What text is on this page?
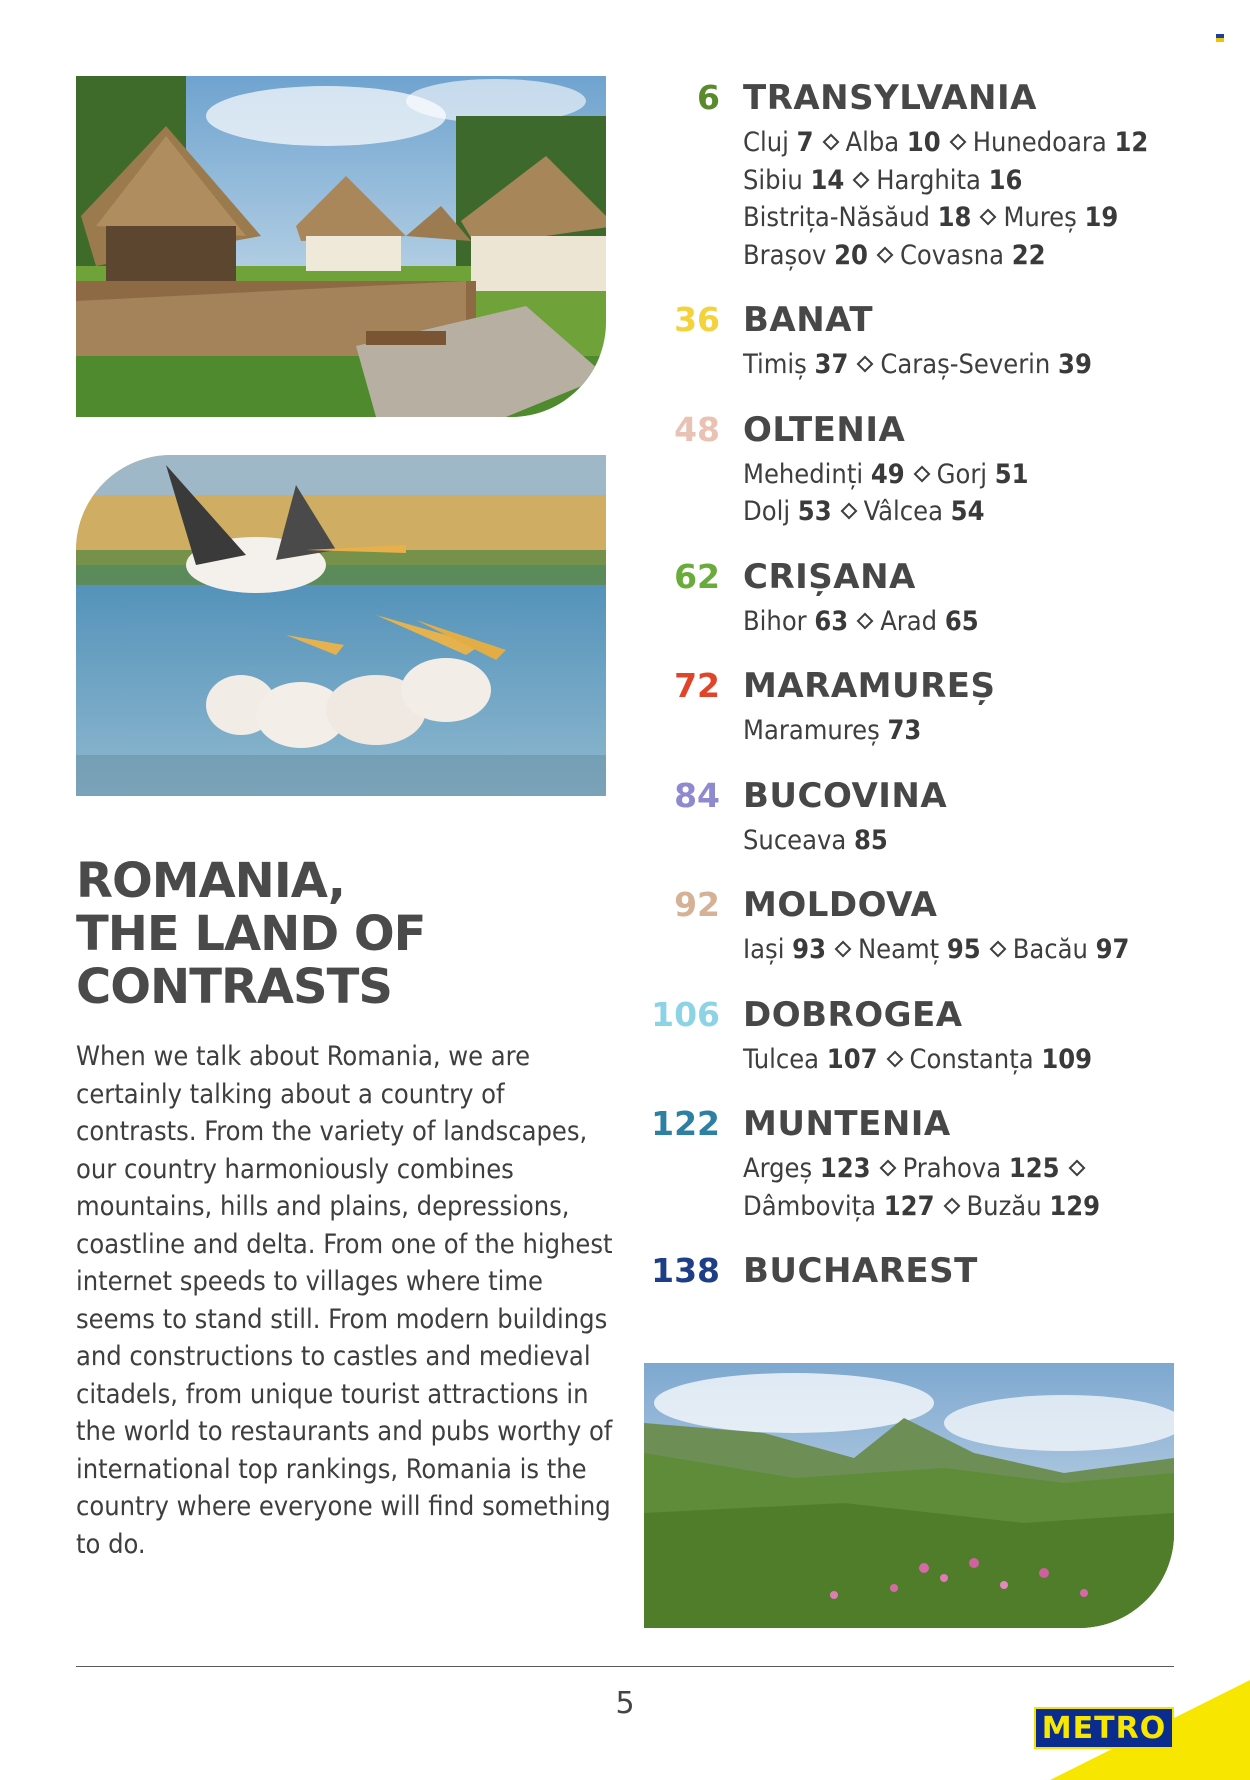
ROMANIA,
THE LAND OF
CONTRASTS

When we talk about Romania, we are certainly talking about a country of contrasts. From the variety of landscapes, our country harmoniously combines mountains, hills and plains, depressions, coastline and delta. From one of the highest internet speeds to villages where time seems to stand still. From modern buildings and constructions to castles and medieval citadels, from unique tourist attractions in the world to restaurants and pubs worthy of international top rankings, Romania is the country where everyone will find something to do.

6 TRANSYLVANIA
Cluj 7 Alba 10 Hunedoara 12
Sibiu 14 Harghita 16
Bistrița-Năsăud 18 Mureș 19
Brașov 20 Covasna 22
36 BANAT
Timiș 37 Caraș-Severin 39
48 OLTENIA
Mehedinți 49 Gorj 51
Dolj 53 Vâlcea 54
62 CRIȘANA
Bihor 63 Arad 65
72 MARAMUREȘ
Maramureș 73
84 BUCOVINA
Suceava 85
92 MOLDOVA
Iași 93 Neamț 95 Bacău 97
106 DOBROGEA
Tulcea 107 Constanța 109
122 MUNTENIA
Argeș 123 Prahova 125
Dâmbovița 127 Buzău 129
138 BUCHAREST
5
METRO
